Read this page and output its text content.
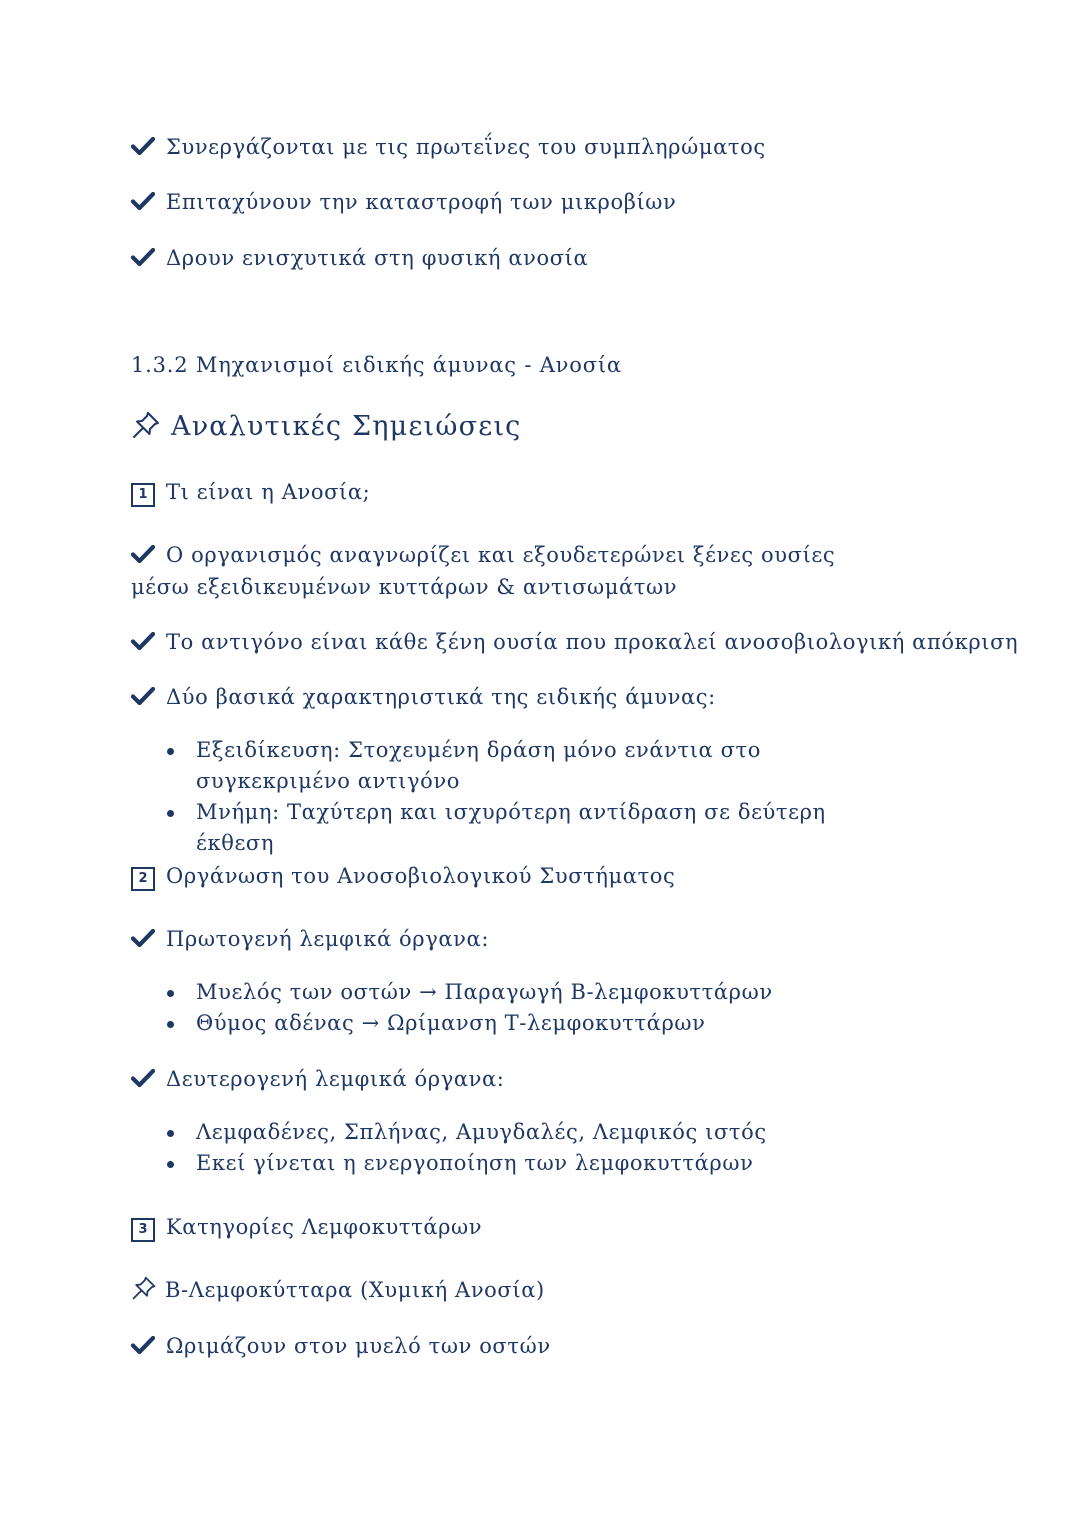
Συνεργάζονται με τις πρωτεΐνες του συμπληρώματος
Επιταχύνουν την καταστροφή των μικροβίων
Δρουν ενισχυτικά στη φυσική ανοσία
1.3.2 Μηχανισμοί ειδικής άμυνας - Ανοσία
Αναλυτικές Σημειώσεις
1 Τι είναι η Ανοσία;
Ο οργανισμός αναγνωρίζει και εξουδετερώνει ξένες ουσίες μέσω εξειδικευμένων κυττάρων & αντισωμάτων
Το αντιγόνο είναι κάθε ξένη ουσία που προκαλεί ανοσοβιολογική απόκριση
Δύο βασικά χαρακτηριστικά της ειδικής άμυνας:
Εξειδίκευση: Στοχευμένη δράση μόνο ενάντια στο συγκεκριμένο αντιγόνο
Μνήμη: Ταχύτερη και ισχυρότερη αντίδραση σε δεύτερη έκθεση
2 Οργάνωση του Ανοσοβιολογικού Συστήματος
Πρωτογενή λεμφικά όργανα:
Μυελός των οστών → Παραγωγή Β-λεμφοκυττάρων
Θύμος αδένας → Ωρίμανση Τ-λεμφοκυττάρων
Δευτερογενή λεμφικά όργανα:
Λεμφαδένες, Σπλήνας, Αμυγδαλές, Λεμφικός ιστός
Εκεί γίνεται η ενεργοποίηση των λεμφοκυττάρων
3 Κατηγορίες Λεμφοκυττάρων
Β-Λεμφοκύτταρα (Χυμική Ανοσία)
Ωριμάζουν στον μυελό των οστών
